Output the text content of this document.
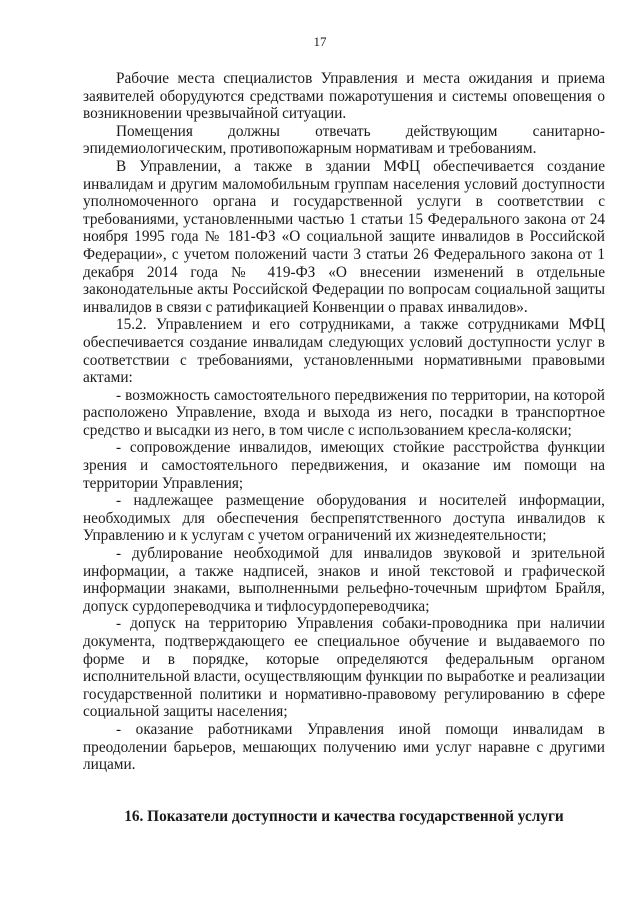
17

Рабочие места специалистов Управления и места ожидания и приема заявителей оборудуются средствами пожаротушения и системы оповещения о возникновении чрезвычайной ситуации.

Помещения должны отвечать действующим санитарно-эпидемиологическим, противопожарным нормативам и требованиям.

В Управлении, а также в здании МФЦ обеспечивается создание инвалидам и другим маломобильным группам населения условий доступности уполномоченного органа и государственной услуги в соответствии с требованиями, установленными частью 1 статьи 15 Федерального закона от 24 ноября 1995 года № 181-ФЗ «О социальной защите инвалидов в Российской Федерации», с учетом положений части 3 статьи 26 Федерального закона от 1 декабря 2014 года № 419-ФЗ «О внесении изменений в отдельные законодательные акты Российской Федерации по вопросам социальной защиты инвалидов в связи с ратификацией Конвенции о правах инвалидов».

15.2. Управлением и его сотрудниками, а также сотрудниками МФЦ обеспечивается создание инвалидам следующих условий доступности услуг в соответствии с требованиями, установленными нормативными правовыми актами:

- возможность самостоятельного передвижения по территории, на которой расположено Управление, входа и выхода из него, посадки в транспортное средство и высадки из него, в том числе с использованием кресла-коляски;

- сопровождение инвалидов, имеющих стойкие расстройства функции зрения и самостоятельного передвижения, и оказание им помощи на территории Управления;

- надлежащее размещение оборудования и носителей информации, необходимых для обеспечения беспрепятственного доступа инвалидов к Управлению и к услугам с учетом ограничений их жизнедеятельности;

- дублирование необходимой для инвалидов звуковой и зрительной информации, а также надписей, знаков и иной текстовой и графической информации знаками, выполненными рельефно-точечным шрифтом Брайля, допуск сурдопереводчика и тифлосурдопереводчика;

- допуск на территорию Управления собаки-проводника при наличии документа, подтверждающего ее специальное обучение и выдаваемого по форме и в порядке, которые определяются федеральным органом исполнительной власти, осуществляющим функции по выработке и реализации государственной политики и нормативно-правовому регулированию в сфере социальной защиты населения;

- оказание работниками Управления иной помощи инвалидам в преодолении барьеров, мешающих получению ими услуг наравне с другими лицами.

16. Показатели доступности и качества государственной услуги
